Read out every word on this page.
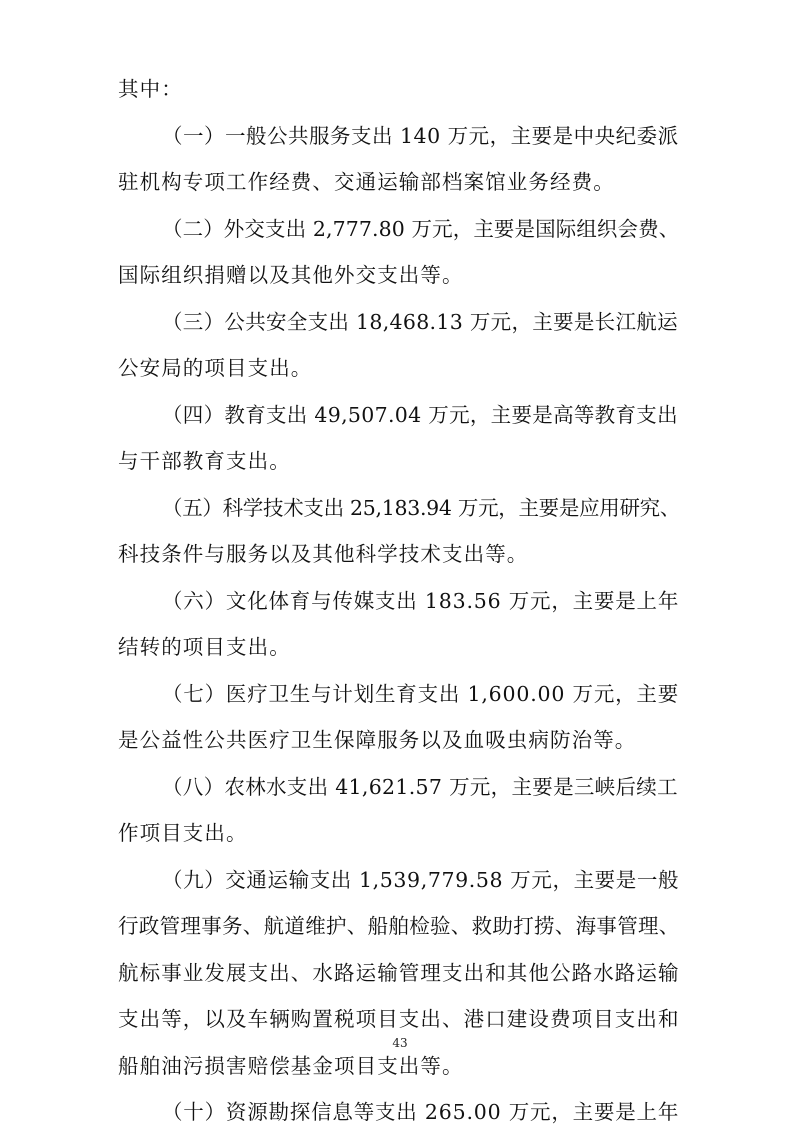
其中：
（一）一般公共服务支出 140 万元，主要是中央纪委派
驻机构专项工作经费、交通运输部档案馆业务经费。
（二）外交支出 2,777.80 万元，主要是国际组织会费、
国际组织捐赠以及其他外交支出等。
（三）公共安全支出 18,468.13 万元，主要是长江航运
公安局的项目支出。
（四）教育支出 49,507.04 万元，主要是高等教育支出
与干部教育支出。
（五）科学技术支出 25,183.94 万元，主要是应用研究、
科技条件与服务以及其他科学技术支出等。
（六）文化体育与传媒支出 183.56 万元，主要是上年
结转的项目支出。
（七）医疗卫生与计划生育支出 1,600.00 万元，主要
是公益性公共医疗卫生保障服务以及血吸虫病防治等。
（八）农林水支出 41,621.57 万元，主要是三峡后续工
作项目支出。
（九）交通运输支出 1,539,779.58 万元，主要是一般
行政管理事务、航道维护、船舶检验、救助打捞、海事管理、
航标事业发展支出、水路运输管理支出和其他公路水路运输
支出等，以及车辆购置税项目支出、港口建设费项目支出和
船舶油污损害赔偿基金项目支出等。
（十）资源勘探信息等支出 265.00 万元，主要是上年
43
